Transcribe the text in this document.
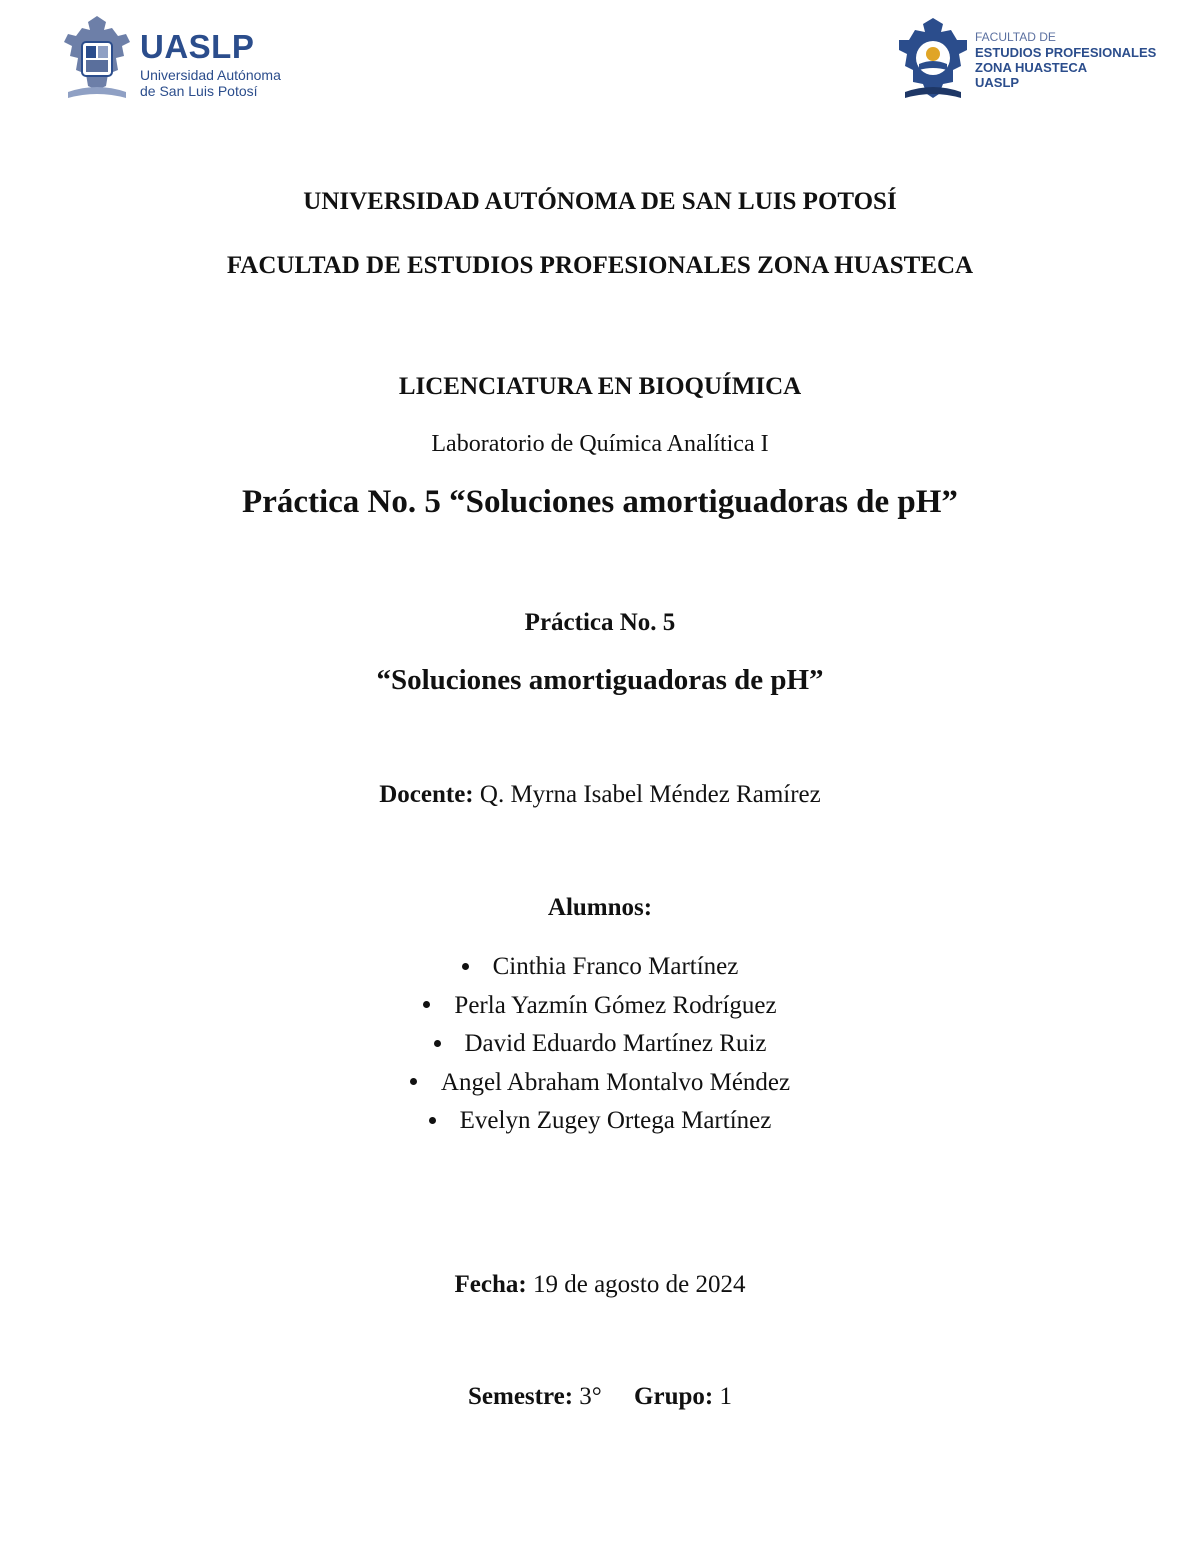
UASLP
Universidad Autónoma
de San Luis Potosí
FACULTAD DE
ESTUDIOS PROFESIONALES
ZONA HUASTECA
UASLP
UNIVERSIDAD AUTÓNOMA DE SAN LUIS POTOSÍ
FACULTAD DE ESTUDIOS PROFESIONALES ZONA HUASTECA
LICENCIATURA EN BIOQUÍMICA
Laboratorio de Química Analítica I
Práctica No. 5 “Soluciones amortiguadoras de pH”
Práctica No. 5
“Soluciones amortiguadoras de pH”
Docente: Q. Myrna Isabel Méndez Ramírez
Alumnos:
Cinthia Franco Martínez
Perla Yazmín Gómez Rodríguez
David Eduardo Martínez Ruiz
Angel Abraham Montalvo Méndez
Evelyn Zugey Ortega Martínez
Fecha: 19 de agosto de 2024
Semestre: 3° Grupo: 1
